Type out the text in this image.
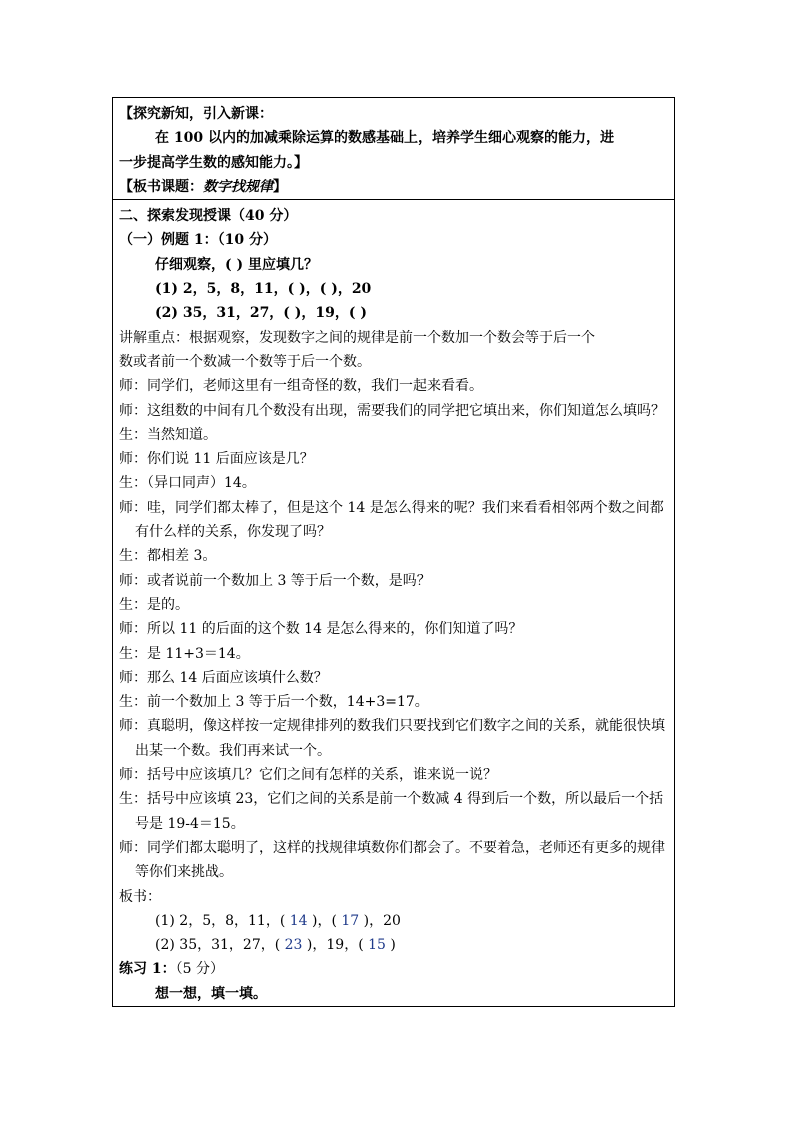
【探究新知，引入新课：
在 100 以内的加减乘除运算的数感基础上，培养学生细心观察的能力，进
一步提高学生数的感知能力。】
【板书课题：数字找规律】
二、探索发现授课（40 分）
（一）例题 1：（10 分）
仔细观察，( ) 里应填几？
(1) 2，5，8，11，( )，( )，20
(2) 35，31，27，( )，19，( )
讲解重点：根据观察，发现数字之间的规律是前一个数加一个数会等于后一个
数或者前一个数减一个数等于后一个数。
师：同学们，老师这里有一组奇怪的数，我们一起来看看。
师：这组数的中间有几个数没有出现，需要我们的同学把它填出来，你们知道怎么填吗？
生：当然知道。
师：你们说 11 后面应该是几？
生：（异口同声）14。
师：哇，同学们都太棒了，但是这个 14 是怎么得来的呢？我们来看看相邻两个数之间都有什么样的关系，你发现了吗？
生：都相差 3。
师：或者说前一个数加上 3 等于后一个数，是吗？
生：是的。
师：所以 11 的后面的这个数 14 是怎么得来的，你们知道了吗？
生：是 11+3＝14。
师：那么 14 后面应该填什么数？
生：前一个数加上 3 等于后一个数，14+3=17。
师：真聪明，像这样按一定规律排列的数我们只要找到它们数字之间的关系，就能很快填出某一个数。我们再来试一个。
师：括号中应该填几？它们之间有怎样的关系，谁来说一说？
生：括号中应该填 23，它们之间的关系是前一个数减 4 得到后一个数，所以最后一个括号是 19-4＝15。
师：同学们都太聪明了，这样的找规律填数你们都会了。不要着急，老师还有更多的规律等你们来挑战。
板书：
(1) 2，5，8，11，( 14 )，( 17 )，20
(2) 35，31，27，( 23 )，19，( 15 )
练习 1：（5 分）
想一想，填一填。
